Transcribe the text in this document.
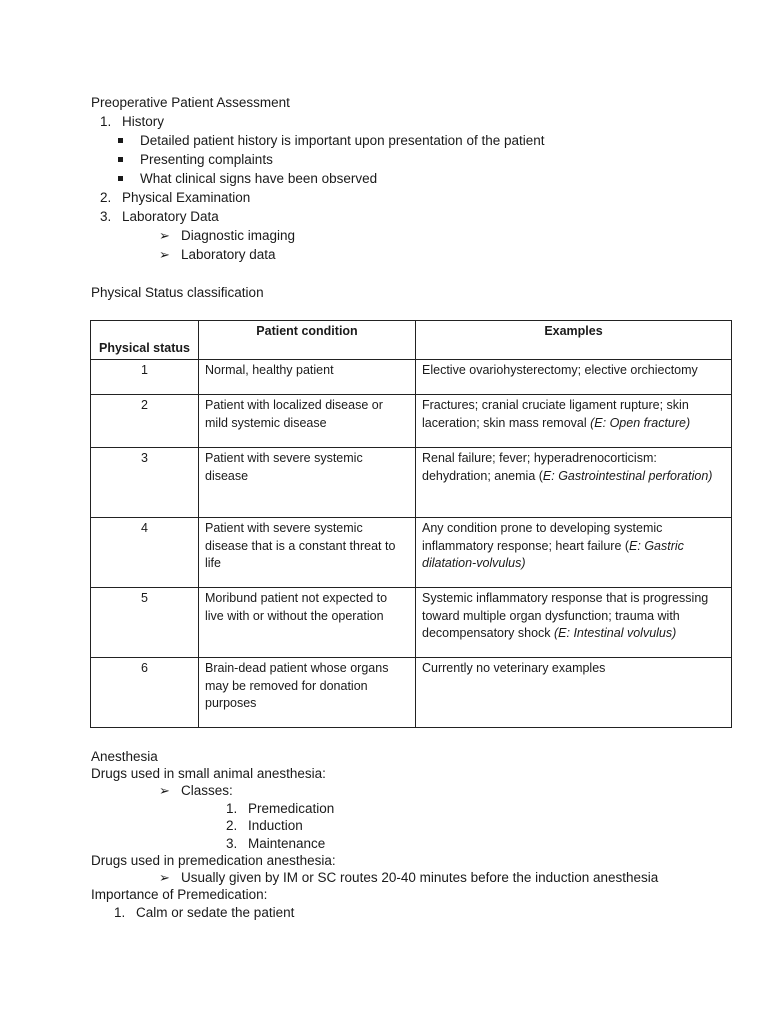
Preoperative Patient Assessment
1. History
Detailed patient history is important upon presentation of the patient
Presenting complaints
What clinical signs have been observed
2. Physical Examination
3. Laboratory Data
➢ Diagnostic imaging
➢ Laboratory data
Physical Status classification
Physical status	Patient condition	Examples
1	Normal, healthy patient	Elective ovariohysterectomy; elective orchiectomy
2	Patient with localized disease or mild systemic disease	Fractures; cranial cruciate ligament rupture; skin laceration; skin mass removal (E: Open fracture)
3	Patient with severe systemic disease	Renal failure; fever; hyperadrenocorticism: dehydration; anemia (E: Gastrointestinal perforation)
4	Patient with severe systemic disease that is a constant threat to life	Any condition prone to developing systemic inflammatory response; heart failure (E: Gastric dilatation-volvulus)
5	Moribund patient not expected to live with or without the operation	Systemic inflammatory response that is progressing toward multiple organ dysfunction; trauma with decompensatory shock (E: Intestinal volvulus)
6	Brain-dead patient whose organs may be removed for donation purposes	Currently no veterinary examples
Anesthesia
Drugs used in small animal anesthesia:
➢ Classes:
1. Premedication
2. Induction
3. Maintenance
Drugs used in premedication anesthesia:
➢ Usually given by IM or SC routes 20-40 minutes before the induction anesthesia
Importance of Premedication:
1. Calm or sedate the patient
